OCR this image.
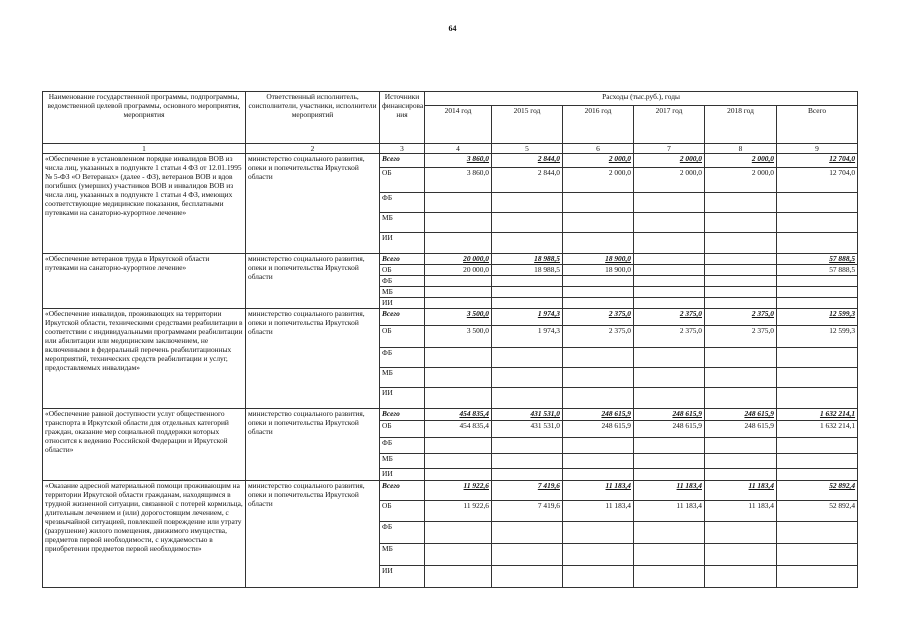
64
Наименование государственной программы, подпрограммы, ведомственной целевой программы, основного мероприятия, мероприятия	Ответственный исполнитель, соисполнители, участники, исполнители мероприятий	Источники финансирова ния	Расходы (тыс.руб.), годы					
			2014 год	2015 год	2016 год	2017 год	2018 год	Всего
1	2	3	4	5	6	7	8	9
«Обеспечение в установленном порядке инвалидов ВОВ из числа лиц, указанных в подпункте 1 статьи 4 ФЗ от 12.01.1995 № 5-ФЗ «О Ветеранах» (далее - ФЗ), ветеранов ВОВ и вдов погибших (умерших) участников ВОВ и инвалидов ВОВ из числа лиц, указанных в подпункте 1 статьи 4 ФЗ, имеющих соответствующие медицинские показания, бесплатными путевками на санаторно-курортное лечение»	министерство социального развития, опеки и попечительства Иркутской области	Всего	3 860,0	2 844,0	2 000,0	2 000,0	2 000,0	12 704,0
		ОБ	3 860,0	2 844,0	2 000,0	2 000,0	2 000,0	12 704,0
		ФБ						
		МБ						
		ИИ						
«Обеспечение ветеранов труда в Иркутской области путевками на санаторно-курортное лечение»	министерство социального развития, опеки и попечительства Иркутской области	Всего	20 000,0	18 988,5	18 900,0			57 888,5
		ОБ	20 000,0	18 988,5	18 900,0			57 888,5
		ФБ						
		МБ						
		ИИ						
«Обеспечение инвалидов, проживающих на территории Иркутской области, техническими средствами реабилитации в соответствии с индивидуальными программами реабилитации или абилитации или медицинским заключением, не включенными в федеральный перечень реабилитационных мероприятий, технических средств реабилитации и услуг, предоставляемых инвалидам»	министерство социального развития, опеки и попечительства Иркутской области	Всего	3 500,0	1 974,3	2 375,0	2 375,0	2 375,0	12 599,3
		ОБ	3 500,0	1 974,3	2 375,0	2 375,0	2 375,0	12 599,3
		ФБ						
		МБ						
		ИИ						
«Обеспечение равной доступности услуг общественного транспорта в Иркутской области для отдельных категорий граждан, оказание мер социальной поддержки которых относится к ведению Российской Федерации и Иркутской области»	министерство социального развития, опеки и попечительства Иркутской области	Всего	454 835,4	431 531,0	248 615,9	248 615,9	248 615,9	1 632 214,1
		ОБ	454 835,4	431 531,0	248 615,9	248 615,9	248 615,9	1 632 214,1
		ФБ						
		МБ						
		ИИ						
«Оказание адресной материальной помощи проживающим на территории Иркутской области гражданам, находящимся в трудной жизненной ситуации, связанной с потерей кормильца, длительным лечением и (или) дорогостоящим лечением, с чрезвычайной ситуацией, повлекшей повреждение или утрату (разрушение) жилого помещения, движимого имущества, предметов первой необходимости, с нуждаемостью в приобретении предметов первой необходимости»	министерство социального развития, опеки и попечительства Иркутской области	Всего	11 922,6	7 419,6	11 183,4	11 183,4	11 183,4	52 892,4
		ОБ	11 922,6	7 419,6	11 183,4	11 183,4	11 183,4	52 892,4
		ФБ						
		МБ						
		ИИ						
